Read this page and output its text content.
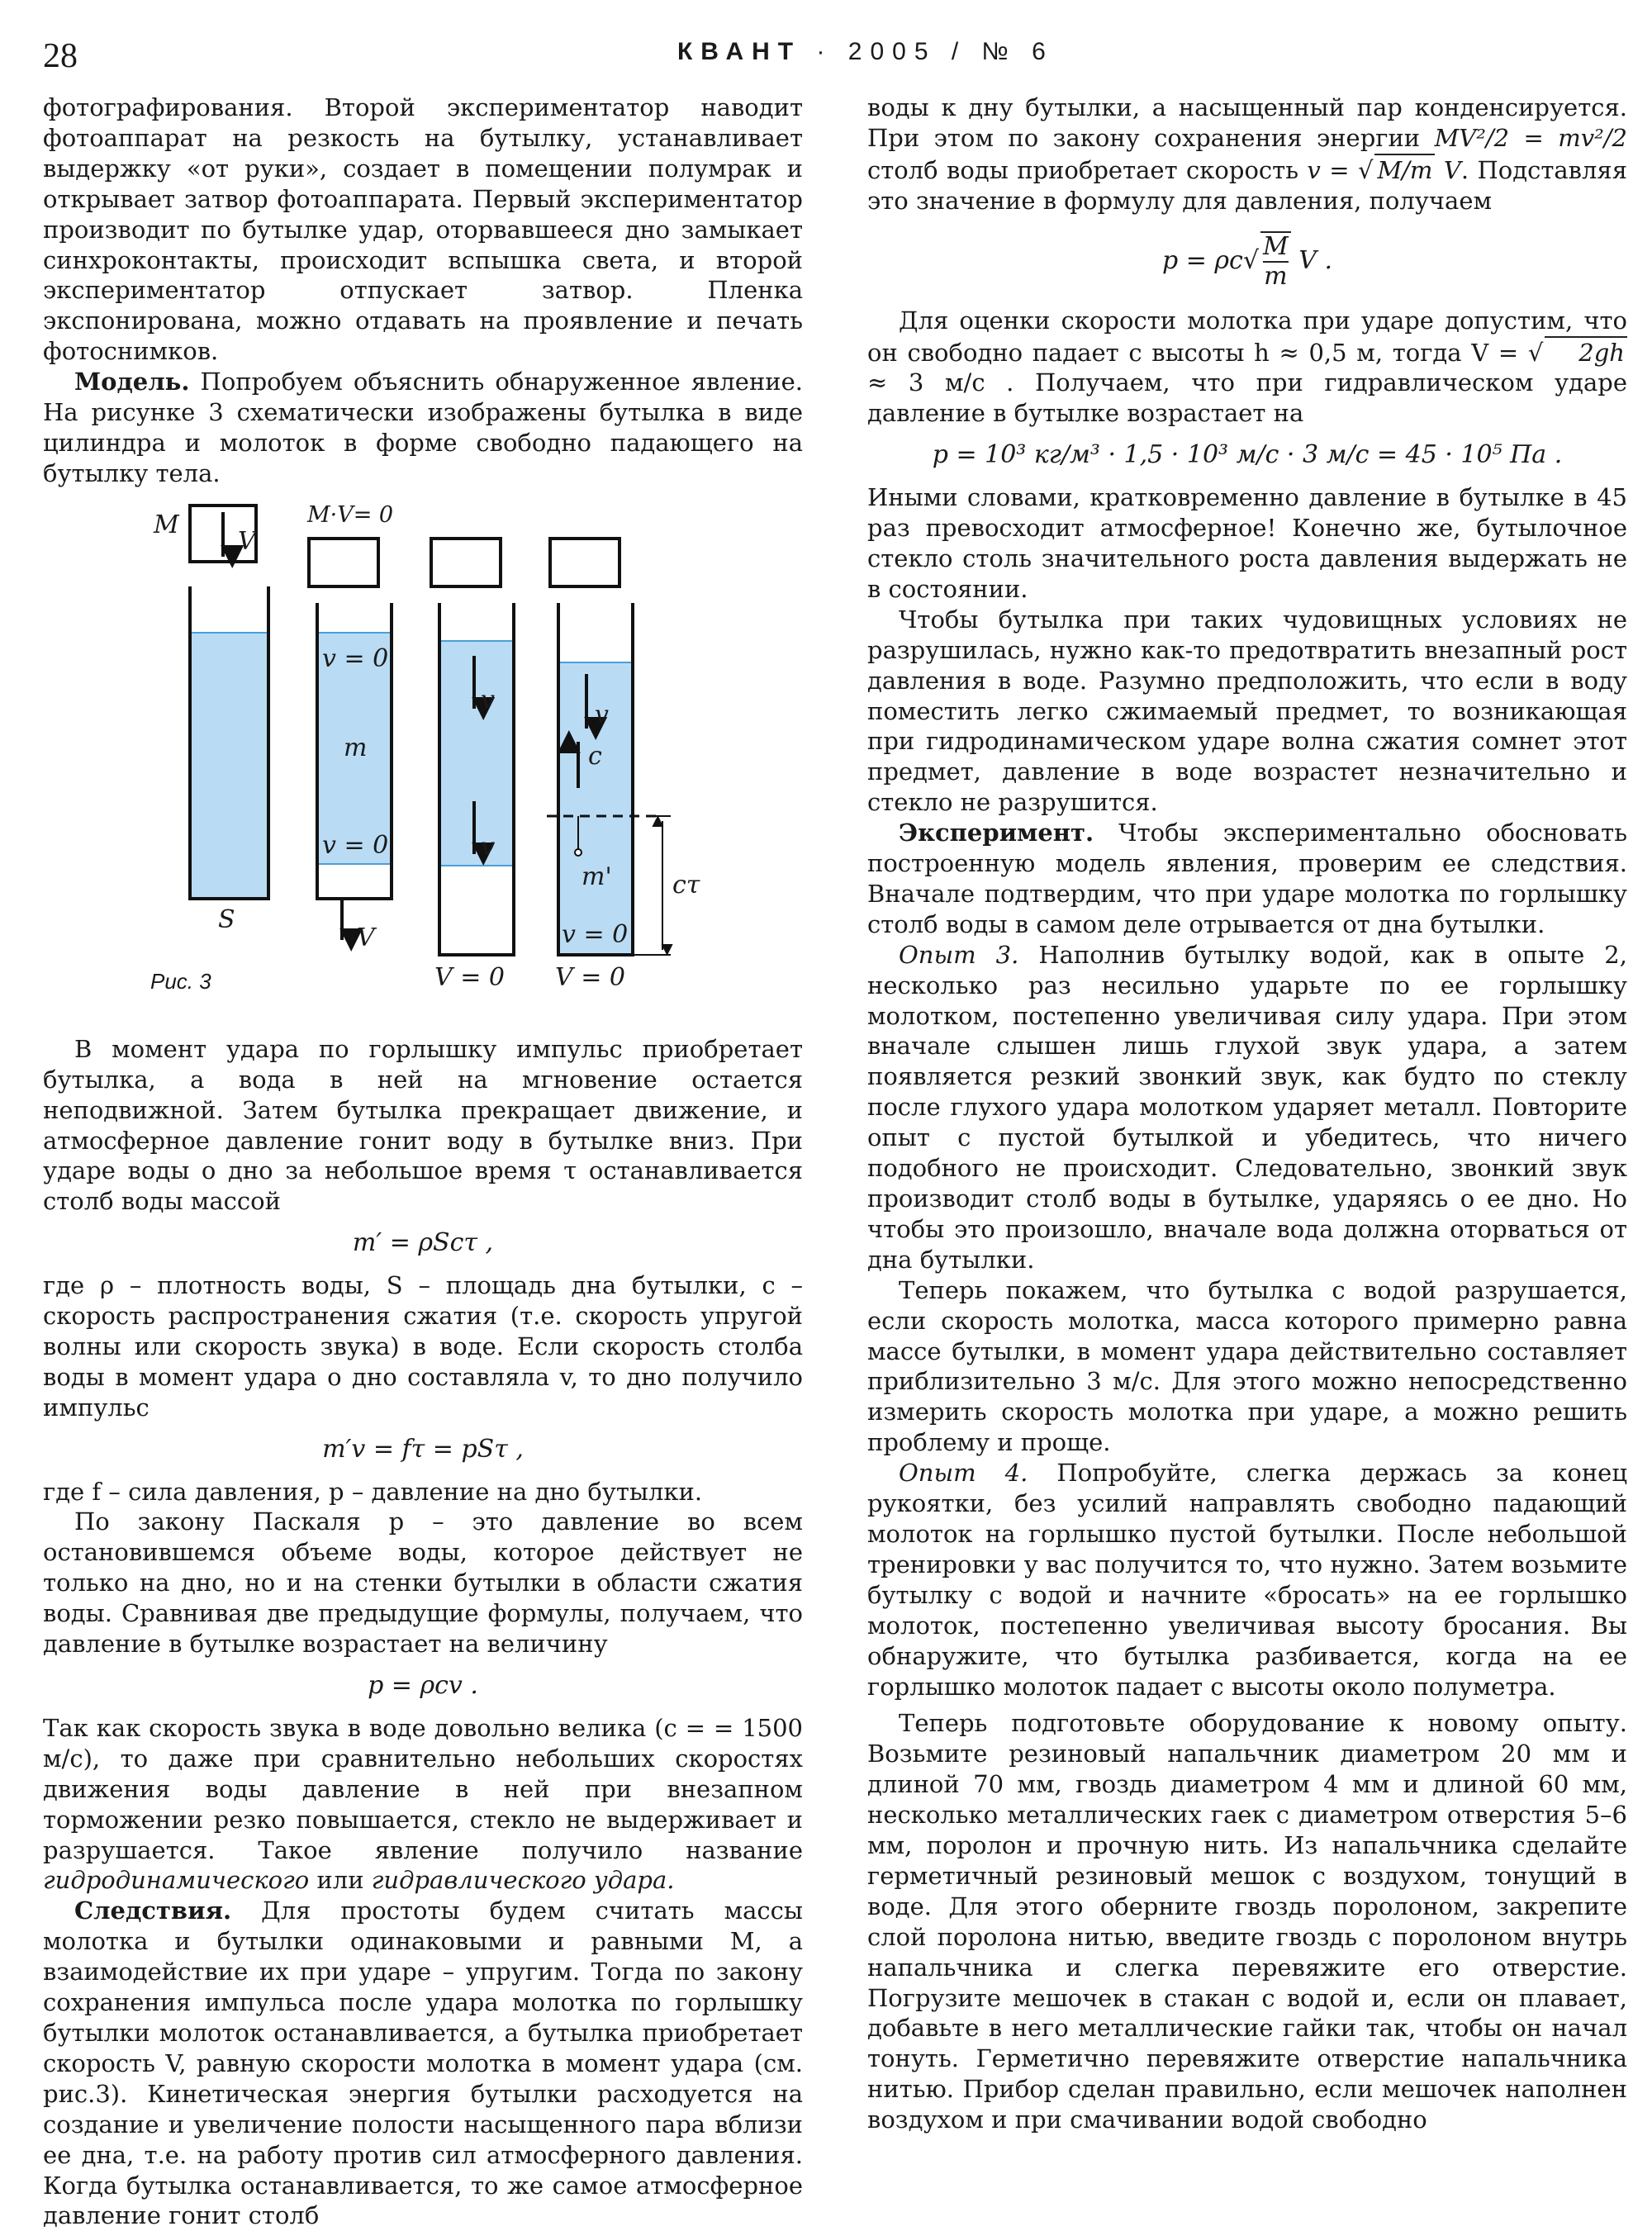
28	КВАНТ · 2005 / № 6

фотографирования. Второй экспериментатор наводит фотоаппарат на резкость на бутылку, устанавливает выдержку «от руки», создает в помещении полумрак и открывает затвор фотоаппарата. Первый экспериментатор производит по бутылке удар, оторвавшееся дно замыкает синхроконтакты, происходит вспышка света, и второй экспериментатор отпускает затвор. Пленка экспонирована, можно отдавать на проявление и печать фотоснимков.

Модель. Попробуем объяснить обнаруженное явление. На рисунке 3 схематически изображены бутылка в виде цилиндра и молоток в форме свободно падающего на бутылку тела.

M
V
M·V= 0
v = 0
m
v = 0
S
V
v
v
V = 0
v
c
m' cτ
v = 0
V = 0
Рис. 3

В момент удара по горлышку импульс приобретает бутылка, а вода в ней на мгновение остается неподвижной. Затем бутылка прекращает движение, и атмосферное давление гонит воду в бутылке вниз. При ударе воды о дно за небольшое время τ останавливается столб воды массой

m′ = ρScτ ,

где ρ – плотность воды, S – площадь дна бутылки, c – скорость распространения сжатия (т.е. скорость упругой волны или скорость звука) в воде. Если скорость столба воды в момент удара о дно составляла v, то дно получило импульс

m′v = fτ = pSτ ,

где f – сила давления, p – давление на дно бутылки.

По закону Паскаля p – это давление во всем остановившемся объеме воды, которое действует не только на дно, но и на стенки бутылки в области сжатия воды. Сравнивая две предыдущие формулы, получаем, что давление в бутылке возрастает на величину

p = ρcv .

Так как скорость звука в воде довольно велика (c = = 1500 м/с), то даже при сравнительно небольших скоростях движения воды давление в ней при внезапном торможении резко повышается, стекло не выдерживает и разрушается. Такое явление получило название гидродинамического или гидравлического удара.

Следствия. Для простоты будем считать массы молотка и бутылки одинаковыми и равными M, а взаимодействие их при ударе – упругим. Тогда по закону сохранения импульса после удара молотка по горлышку бутылки молоток останавливается, а бутылка приобретает скорость V, равную скорости молотка в момент удара (см. рис.3). Кинетическая энергия бутылки расходуется на создание и увеличение полости насыщенного пара вблизи ее дна, т.е. на работу против сил атмосферного давления. Когда бутылка останавливается, то же самое атмосферное давление гонит столб

воды к дну бутылки, а насыщенный пар конденсируется. При этом по закону сохранения энергии MV²/2 = mv²/2 столб воды приобретает скорость v = √ M/m V. Подставляя это значение в формулу для давления, получаем

$p = \rho c√ \frac{M}{m}$ V .

Для оценки скорости молотка при ударе допустим, что он свободно падает с высоты h ≈ 0,5 м, тогда V = √ 2gh ≈ 3 м/с . Получаем, что при гидравлическом ударе давление в бутылке возрастает на

p = 10³ кг/м³ · 1,5 · 10³ м/с · 3 м/с = 45 · 10⁵ Па .

Иными словами, кратковременно давление в бутылке в 45 раз превосходит атмосферное! Конечно же, бутылочное стекло столь значительного роста давления выдержать не в состоянии.

Чтобы бутылка при таких чудовищных условиях не разрушилась, нужно как-то предотвратить внезапный рост давления в воде. Разумно предположить, что если в воду поместить легко сжимаемый предмет, то возникающая при гидродинамическом ударе волна сжатия сомнет этот предмет, давление в воде возрастет незначительно и стекло не разрушится.

Эксперимент. Чтобы экспериментально обосновать построенную модель явления, проверим ее следствия. Вначале подтвердим, что при ударе молотка по горлышку столб воды в самом деле отрывается от дна бутылки.

Опыт 3. Наполнив бутылку водой, как в опыте 2, несколько раз несильно ударьте по ее горлышку молотком, постепенно увеличивая силу удара. При этом вначале слышен лишь глухой звук удара, а затем появляется резкий звонкий звук, как будто по стеклу после глухого удара молотком ударяет металл. Повторите опыт с пустой бутылкой и убедитесь, что ничего подобного не происходит. Следовательно, звонкий звук производит столб воды в бутылке, ударяясь о ее дно. Но чтобы это произошло, вначале вода должна оторваться от дна бутылки.

Теперь покажем, что бутылка с водой разрушается, если скорость молотка, масса которого примерно равна массе бутылки, в момент удара действительно составляет приблизительно 3 м/с. Для этого можно непосредственно измерить скорость молотка при ударе, а можно решить проблему и проще.

Опыт 4. Попробуйте, слегка держась за конец рукоятки, без усилий направлять свободно падающий молоток на горлышко пустой бутылки. После небольшой тренировки у вас получится то, что нужно. Затем возьмите бутылку с водой и начните «бросать» на ее горлышко молоток, постепенно увеличивая высоту бросания. Вы обнаружите, что бутылка разбивается, когда на ее горлышко молоток падает с высоты около полуметра.

Теперь подготовьте оборудование к новому опыту. Возьмите резиновый напальчник диаметром 20 мм и длиной 70 мм, гвоздь диаметром 4 мм и длиной 60 мм, несколько металлических гаек с диаметром отверстия 5–6 мм, поролон и прочную нить. Из напальчника сделайте герметичный резиновый мешок с воздухом, тонущий в воде. Для этого оберните гвоздь поролоном, закрепите слой поролона нитью, введите гвоздь с поролоном внутрь напальчника и слегка перевяжите его отверстие. Погрузите мешочек в стакан с водой и, если он плавает, добавьте в него металлические гайки так, чтобы он начал тонуть. Герметично перевяжите отверстие напальчника нитью. Прибор сделан правильно, если мешочек наполнен воздухом и при смачивании водой свободно
